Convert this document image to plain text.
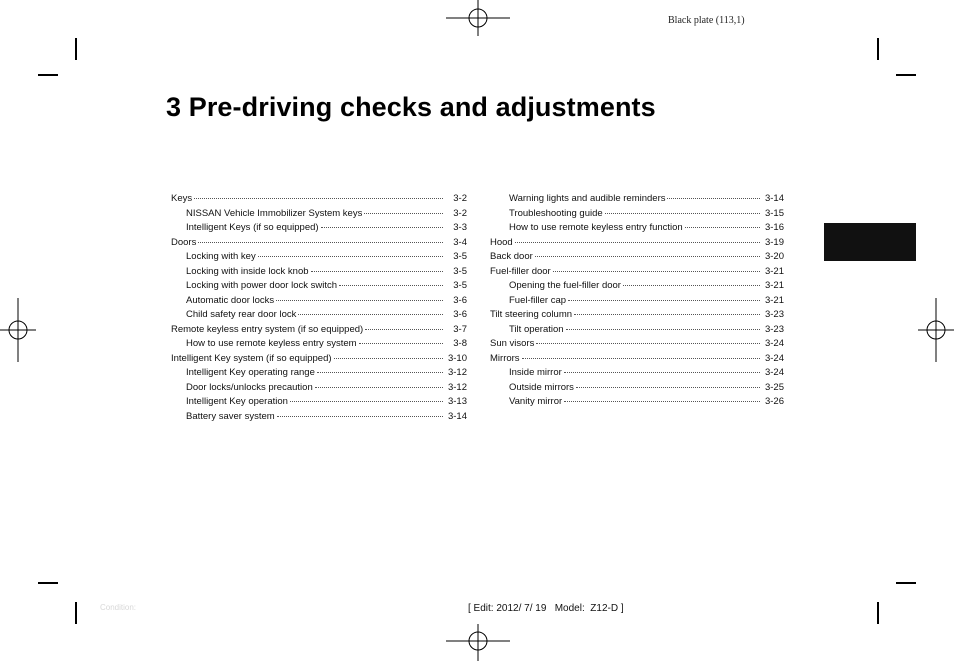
Black plate (113,1)
3 Pre-driving checks and adjustments
Keys	3-2
NISSAN Vehicle Immobilizer System keys	3-2
Intelligent Keys (if so equipped)	3-3
Doors	3-4
Locking with key	3-5
Locking with inside lock knob	3-5
Locking with power door lock switch	3-5
Automatic door locks	3-6
Child safety rear door lock	3-6
Remote keyless entry system (if so equipped)	3-7
How to use remote keyless entry system	3-8
Intelligent Key system (if so equipped)	3-10
Intelligent Key operating range	3-12
Door locks/unlocks precaution	3-12
Intelligent Key operation	3-13
Battery saver system	3-14
Warning lights and audible reminders	3-14
Troubleshooting guide	3-15
How to use remote keyless entry function	3-16
Hood	3-19
Back door	3-20
Fuel-filler door	3-21
Opening the fuel-filler door	3-21
Fuel-filler cap	3-21
Tilt steering column	3-23
Tilt operation	3-23
Sun visors	3-24
Mirrors	3-24
Inside mirror	3-24
Outside mirrors	3-25
Vanity mirror	3-26
Condition:	[ Edit: 2012/ 7/ 19   Model:  Z12-D ]
